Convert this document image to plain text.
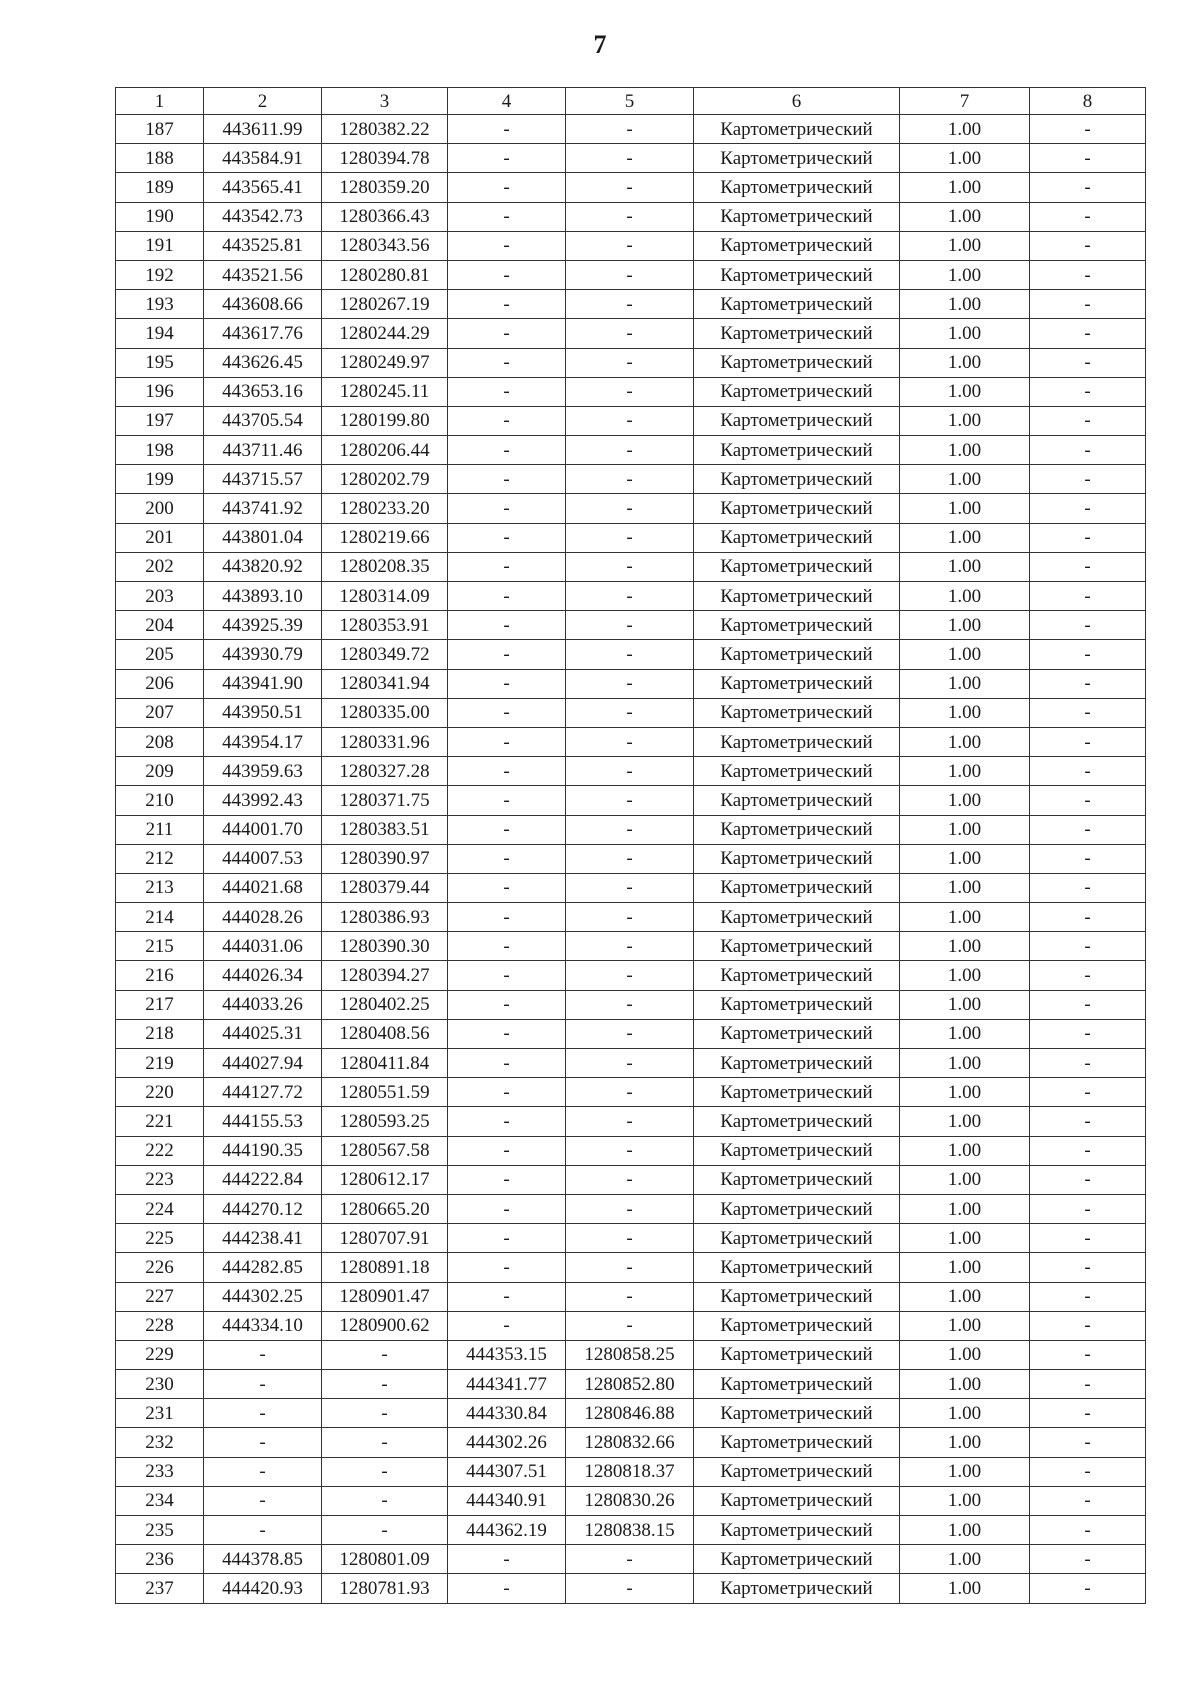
7
1	2	3	4	5	6	7	8
187	443611.99	1280382.22	-	-	Картометрический	1.00	-
188	443584.91	1280394.78	-	-	Картометрический	1.00	-
189	443565.41	1280359.20	-	-	Картометрический	1.00	-
190	443542.73	1280366.43	-	-	Картометрический	1.00	-
191	443525.81	1280343.56	-	-	Картометрический	1.00	-
192	443521.56	1280280.81	-	-	Картометрический	1.00	-
193	443608.66	1280267.19	-	-	Картометрический	1.00	-
194	443617.76	1280244.29	-	-	Картометрический	1.00	-
195	443626.45	1280249.97	-	-	Картометрический	1.00	-
196	443653.16	1280245.11	-	-	Картометрический	1.00	-
197	443705.54	1280199.80	-	-	Картометрический	1.00	-
198	443711.46	1280206.44	-	-	Картометрический	1.00	-
199	443715.57	1280202.79	-	-	Картометрический	1.00	-
200	443741.92	1280233.20	-	-	Картометрический	1.00	-
201	443801.04	1280219.66	-	-	Картометрический	1.00	-
202	443820.92	1280208.35	-	-	Картометрический	1.00	-
203	443893.10	1280314.09	-	-	Картометрический	1.00	-
204	443925.39	1280353.91	-	-	Картометрический	1.00	-
205	443930.79	1280349.72	-	-	Картометрический	1.00	-
206	443941.90	1280341.94	-	-	Картометрический	1.00	-
207	443950.51	1280335.00	-	-	Картометрический	1.00	-
208	443954.17	1280331.96	-	-	Картометрический	1.00	-
209	443959.63	1280327.28	-	-	Картометрический	1.00	-
210	443992.43	1280371.75	-	-	Картометрический	1.00	-
211	444001.70	1280383.51	-	-	Картометрический	1.00	-
212	444007.53	1280390.97	-	-	Картометрический	1.00	-
213	444021.68	1280379.44	-	-	Картометрический	1.00	-
214	444028.26	1280386.93	-	-	Картометрический	1.00	-
215	444031.06	1280390.30	-	-	Картометрический	1.00	-
216	444026.34	1280394.27	-	-	Картометрический	1.00	-
217	444033.26	1280402.25	-	-	Картометрический	1.00	-
218	444025.31	1280408.56	-	-	Картометрический	1.00	-
219	444027.94	1280411.84	-	-	Картометрический	1.00	-
220	444127.72	1280551.59	-	-	Картометрический	1.00	-
221	444155.53	1280593.25	-	-	Картометрический	1.00	-
222	444190.35	1280567.58	-	-	Картометрический	1.00	-
223	444222.84	1280612.17	-	-	Картометрический	1.00	-
224	444270.12	1280665.20	-	-	Картометрический	1.00	-
225	444238.41	1280707.91	-	-	Картометрический	1.00	-
226	444282.85	1280891.18	-	-	Картометрический	1.00	-
227	444302.25	1280901.47	-	-	Картометрический	1.00	-
228	444334.10	1280900.62	-	-	Картометрический	1.00	-
229	-	-	444353.15	1280858.25	Картометрический	1.00	-
230	-	-	444341.77	1280852.80	Картометрический	1.00	-
231	-	-	444330.84	1280846.88	Картометрический	1.00	-
232	-	-	444302.26	1280832.66	Картометрический	1.00	-
233	-	-	444307.51	1280818.37	Картометрический	1.00	-
234	-	-	444340.91	1280830.26	Картометрический	1.00	-
235	-	-	444362.19	1280838.15	Картометрический	1.00	-
236	444378.85	1280801.09	-	-	Картометрический	1.00	-
237	444420.93	1280781.93	-	-	Картометрический	1.00	-
